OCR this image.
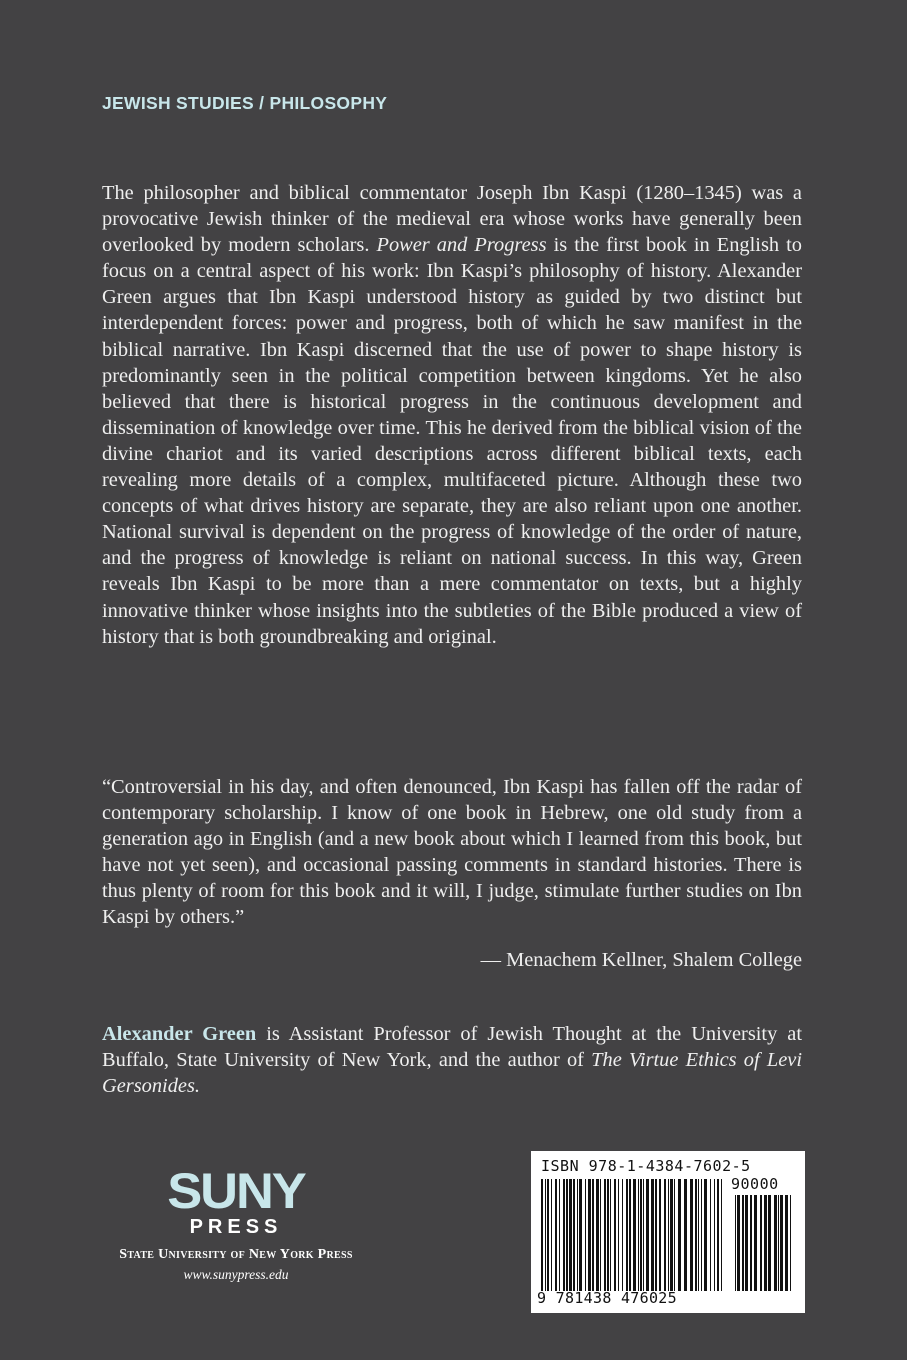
JEWISH STUDIES / PHILOSOPHY
The philosopher and biblical commentator Joseph Ibn Kaspi (1280–1345) was a provocative Jewish thinker of the medieval era whose works have generally been overlooked by modern scholars. Power and Progress is the first book in English to focus on a central aspect of his work: Ibn Kaspi’s philosophy of history. Alexander Green argues that Ibn Kaspi understood history as guided by two distinct but interdependent forces: power and progress, both of which he saw manifest in the biblical narrative. Ibn Kaspi discerned that the use of power to shape history is predominantly seen in the political competition between kingdoms. Yet he also believed that there is historical progress in the continuous development and dissemination of knowledge over time. This he derived from the biblical vision of the divine chariot and its varied descriptions across different biblical texts, each revealing more details of a complex, multifaceted picture. Although these two concepts of what drives history are separate, they are also reliant upon one another. National survival is dependent on the progress of knowledge of the order of nature, and the progress of knowledge is reliant on national success. In this way, Green reveals Ibn Kaspi to be more than a mere commentator on texts, but a highly innovative thinker whose insights into the subtleties of the Bible produced a view of history that is both groundbreaking and original.
“Controversial in his day, and often denounced, Ibn Kaspi has fallen off the radar of contemporary scholarship. I know of one book in Hebrew, one old study from a generation ago in English (and a new book about which I learned from this book, but have not yet seen), and occasional passing comments in standard histories. There is thus plenty of room for this book and it will, I judge, stimulate further studies on Ibn Kaspi by others.”
— Menachem Kellner, Shalem College
Alexander Green is Assistant Professor of Jewish Thought at the University at Buffalo, State University of New York, and the author of The Virtue Ethics of Levi Gersonides.
SUNY
PRESS
State University of New York Press
www.sunypress.edu
ISBN 978-1-4384-7602-5
90000
9 781438 476025
